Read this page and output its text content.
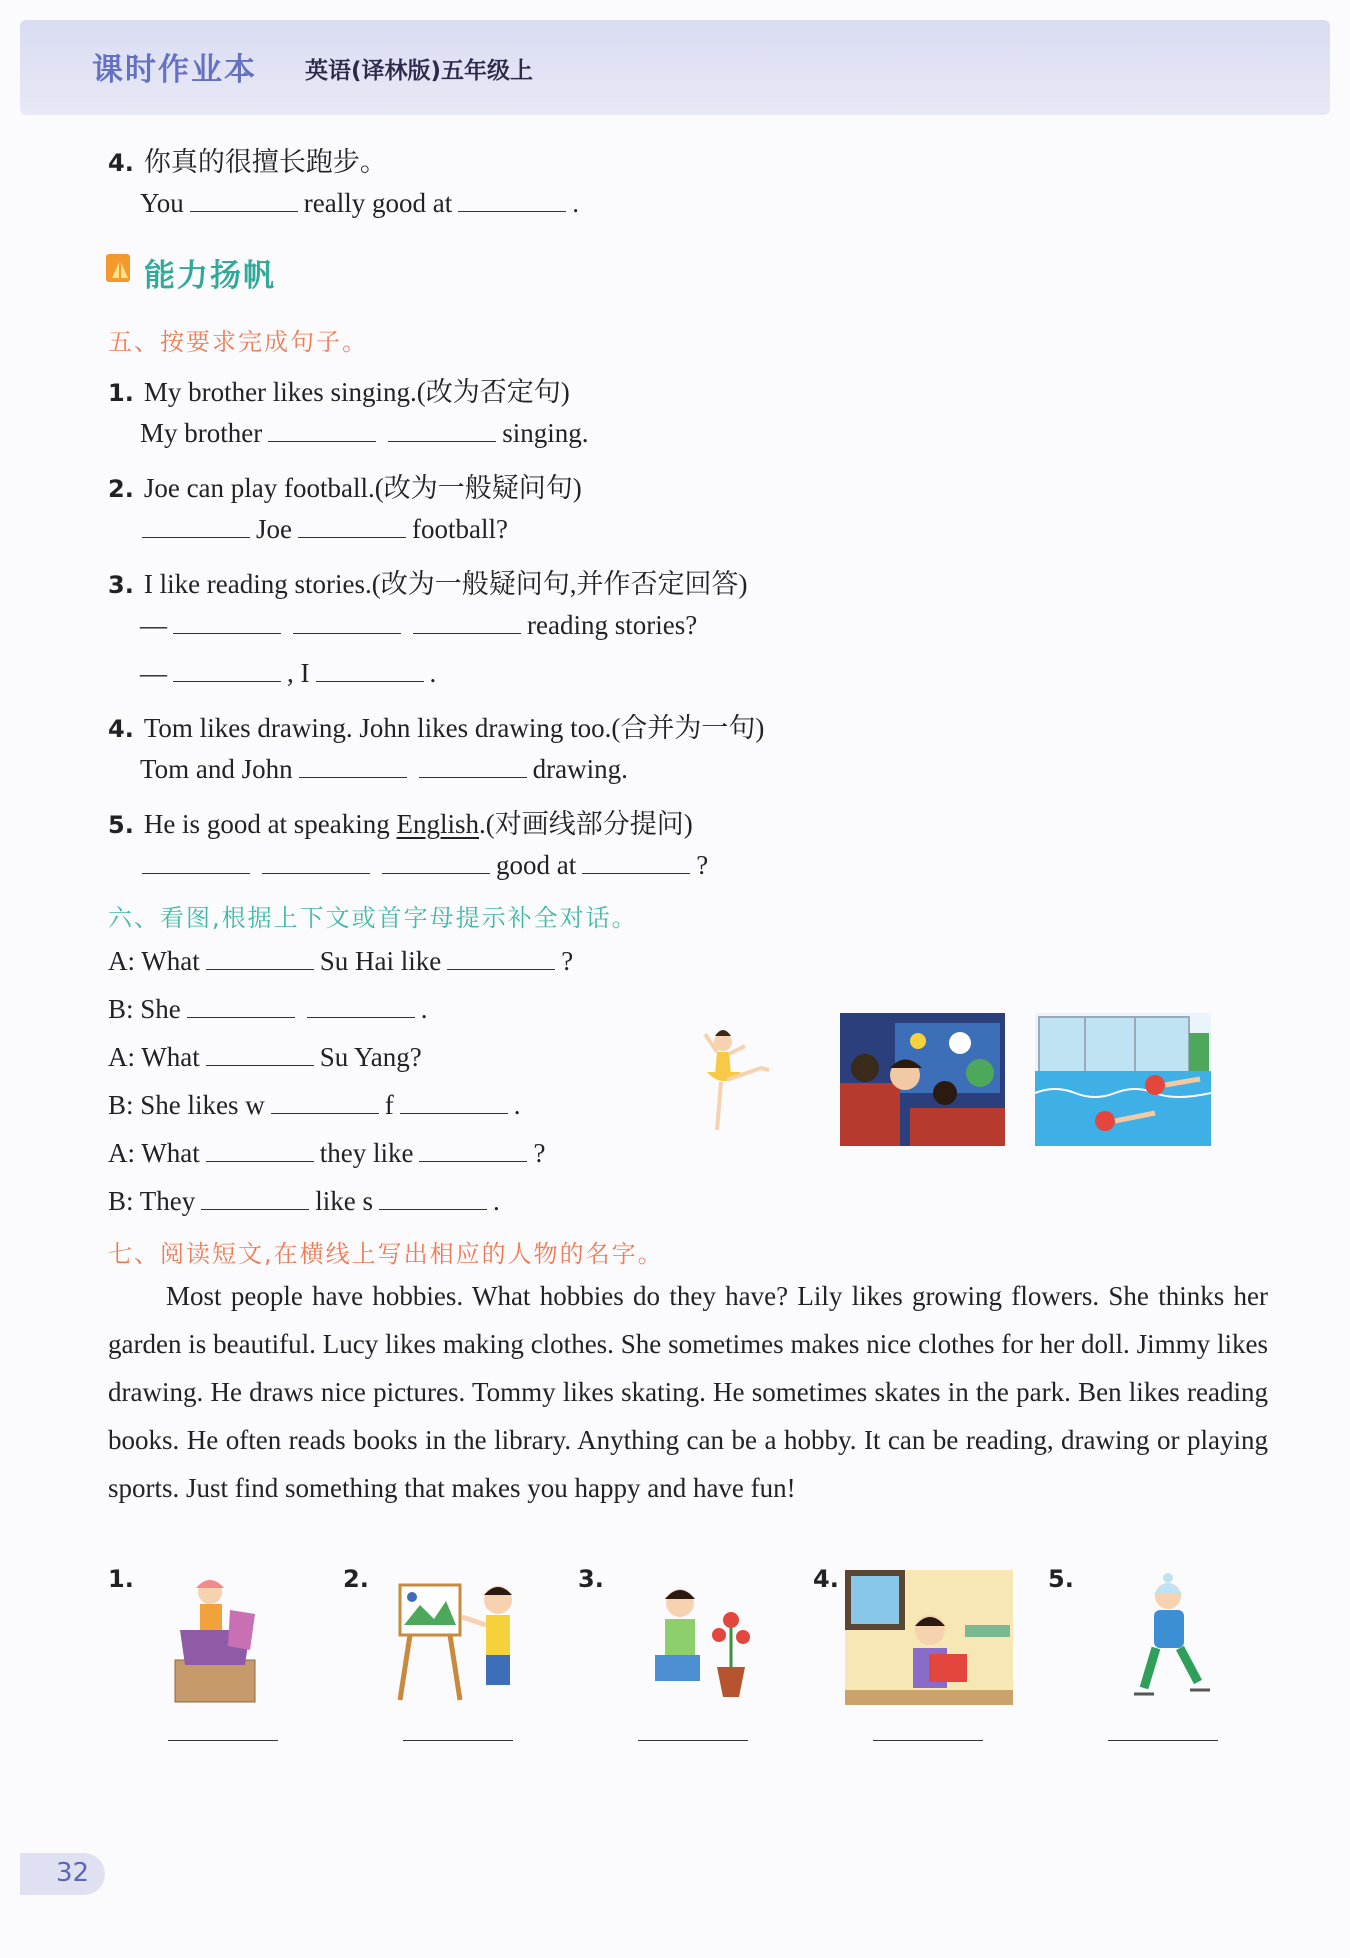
课时作业本 英语(译林版)五年级上
4. 你真的很擅长跑步。
You	really good at	.
能力扬帆
五、按要求完成句子。
1. My brother likes singing.(改为否定句)
My brother	singing.
2. Joe can play football.(改为一般疑问句)
Joe	football?
3. I like reading stories.(改为一般疑问句,并作否定回答)
—	reading stories?
—	, I	.
4. Tom likes drawing. John likes drawing too.(合并为一句)
Tom and John	drawing.
5. He is good at speaking English.(对画线部分提问)
good at	?
六、看图,根据上下文或首字母提示补全对话。
A: What	Su Hai like	?
B: She	.
A: What	Su Yang?
B: She likes w	f	.
A: What	they like	?
B: They	like s	.
七、阅读短文,在横线上写出相应的人物的名字。
Most people have hobbies. What hobbies do they have? Lily likes growing flowers. She thinks her garden is beautiful. Lucy likes making clothes. She sometimes makes nice clothes for her doll. Jimmy likes drawing. He draws nice pictures. Tommy likes skating. He sometimes skates in the park. Ben likes reading books. He often reads books in the library. Anything can be a hobby. It can be reading, drawing or playing sports. Just find something that makes you happy and have fun!
1.	2.	3.	4.	5.
32
